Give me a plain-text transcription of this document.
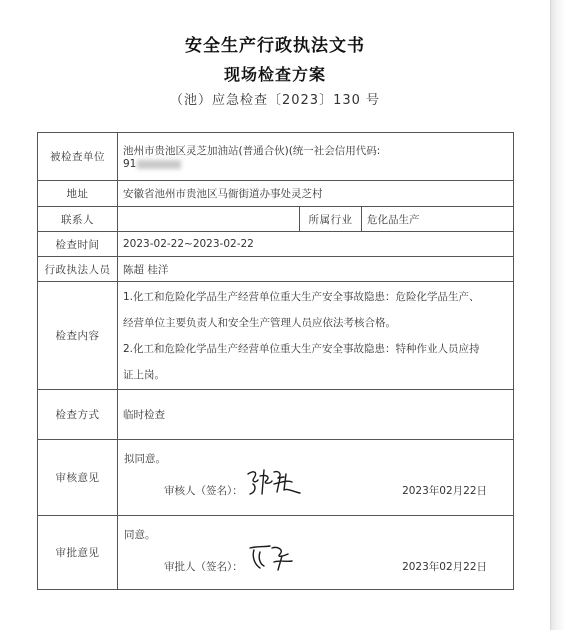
安全生产行政执法文书
现场检查方案
（池）应急检查〔2023〕130 号
被检查单位	池州市贵池区灵芝加油站(普通合伙)(统一社会信用代码:
91		

地址	安徽省池州市贵池区马衙街道办事处灵芝村		
联系人		所属行业	危化品生产
检查时间	2023-02-22~2023-02-22		
行政执法人员	陈超 桂洋		
检查内容	1.化工和危险化学品生产经营单位重大生产安全事故隐患：危险化学品生产、
经营单位主要负责人和安全生产管理人员应依法考核合格。
2.化工和危险化学品生产经营单位重大生产安全事故隐患：特种作业人员应持
证上岗。		

检查方式	临时检查		
审核意见	拟同意。
审核人（签名）： 2023年02月22日		

审批意见	同意。
审批人（签名）： 2023年02月22日		
